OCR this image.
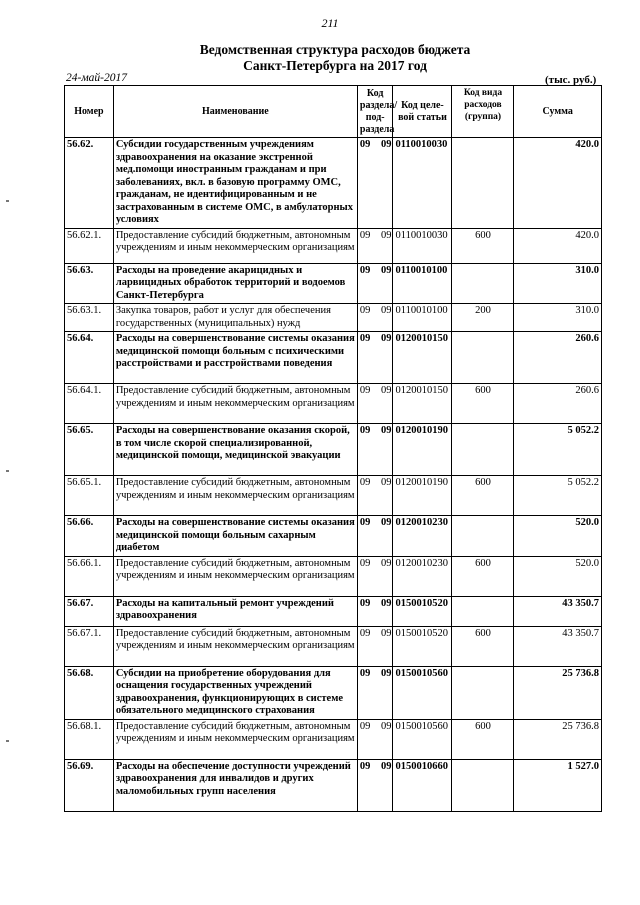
211
Ведомственная структура расходов бюджета
Санкт-Петербурга на 2017 год
24-май-2017	(тыс. руб.)
Номер	Наименование	Код раздела/ под- раздела		Код целе- вой статьи	Код вида расходов (группа)	Сумма
56.62.	Субсидии государственным учреждениям здравоохранения на оказание экстренной мед.помощи иностранным гражданам и при заболеваниях, вкл. в базовую программу ОМС, гражданам, не идентифицированным и не застрахованным в системе ОМС, в амбулаторных условиях	09	09	0110010030		420.0
56.62.1.	Предоставление субсидий бюджетным, автономным учреждениям и иным некоммерческим организациям	09	09	0110010030	600	420.0
56.63.	Расходы на проведение акарицидных и ларвицидных обработок территорий и водоемов Санкт-Петербурга	09	09	0110010100		310.0
56.63.1.	Закупка товаров, работ и услуг для обеспечения государственных (муниципальных) нужд	09	09	0110010100	200	310.0
56.64.	Расходы на совершенствование системы оказания медицинской помощи больным с психическими расстройствами и расстройствами поведения	09	09	0120010150		260.6
56.64.1.	Предоставление субсидий бюджетным, автономным учреждениям и иным некоммерческим организациям	09	09	0120010150	600	260.6
56.65.	Расходы на совершенствование оказания скорой, в том числе скорой специализированной, медицинской помощи, медицинской эвакуации	09	09	0120010190		5 052.2
56.65.1.	Предоставление субсидий бюджетным, автономным учреждениям и иным некоммерческим организациям	09	09	0120010190	600	5 052.2
56.66.	Расходы на совершенствование системы оказания медицинской помощи больным сахарным диабетом	09	09	0120010230		520.0
56.66.1.	Предоставление субсидий бюджетным, автономным учреждениям и иным некоммерческим организациям	09	09	0120010230	600	520.0
56.67.	Расходы на капитальный ремонт учреждений здравоохранения	09	09	0150010520		43 350.7
56.67.1.	Предоставление субсидий бюджетным, автономным учреждениям и иным некоммерческим организациям	09	09	0150010520	600	43 350.7
56.68.	Субсидии на приобретение оборудования для оснащения государственных учреждений здравоохранения, функционирующих в системе обязательного медицинского страхования	09	09	0150010560		25 736.8
56.68.1.	Предоставление субсидий бюджетным, автономным учреждениям и иным некоммерческим организациям	09	09	0150010560	600	25 736.8
56.69.	Расходы на обеспечение доступности учреждений здравоохранения для инвалидов и других маломобильных групп населения	09	09	0150010660		1 527.0
